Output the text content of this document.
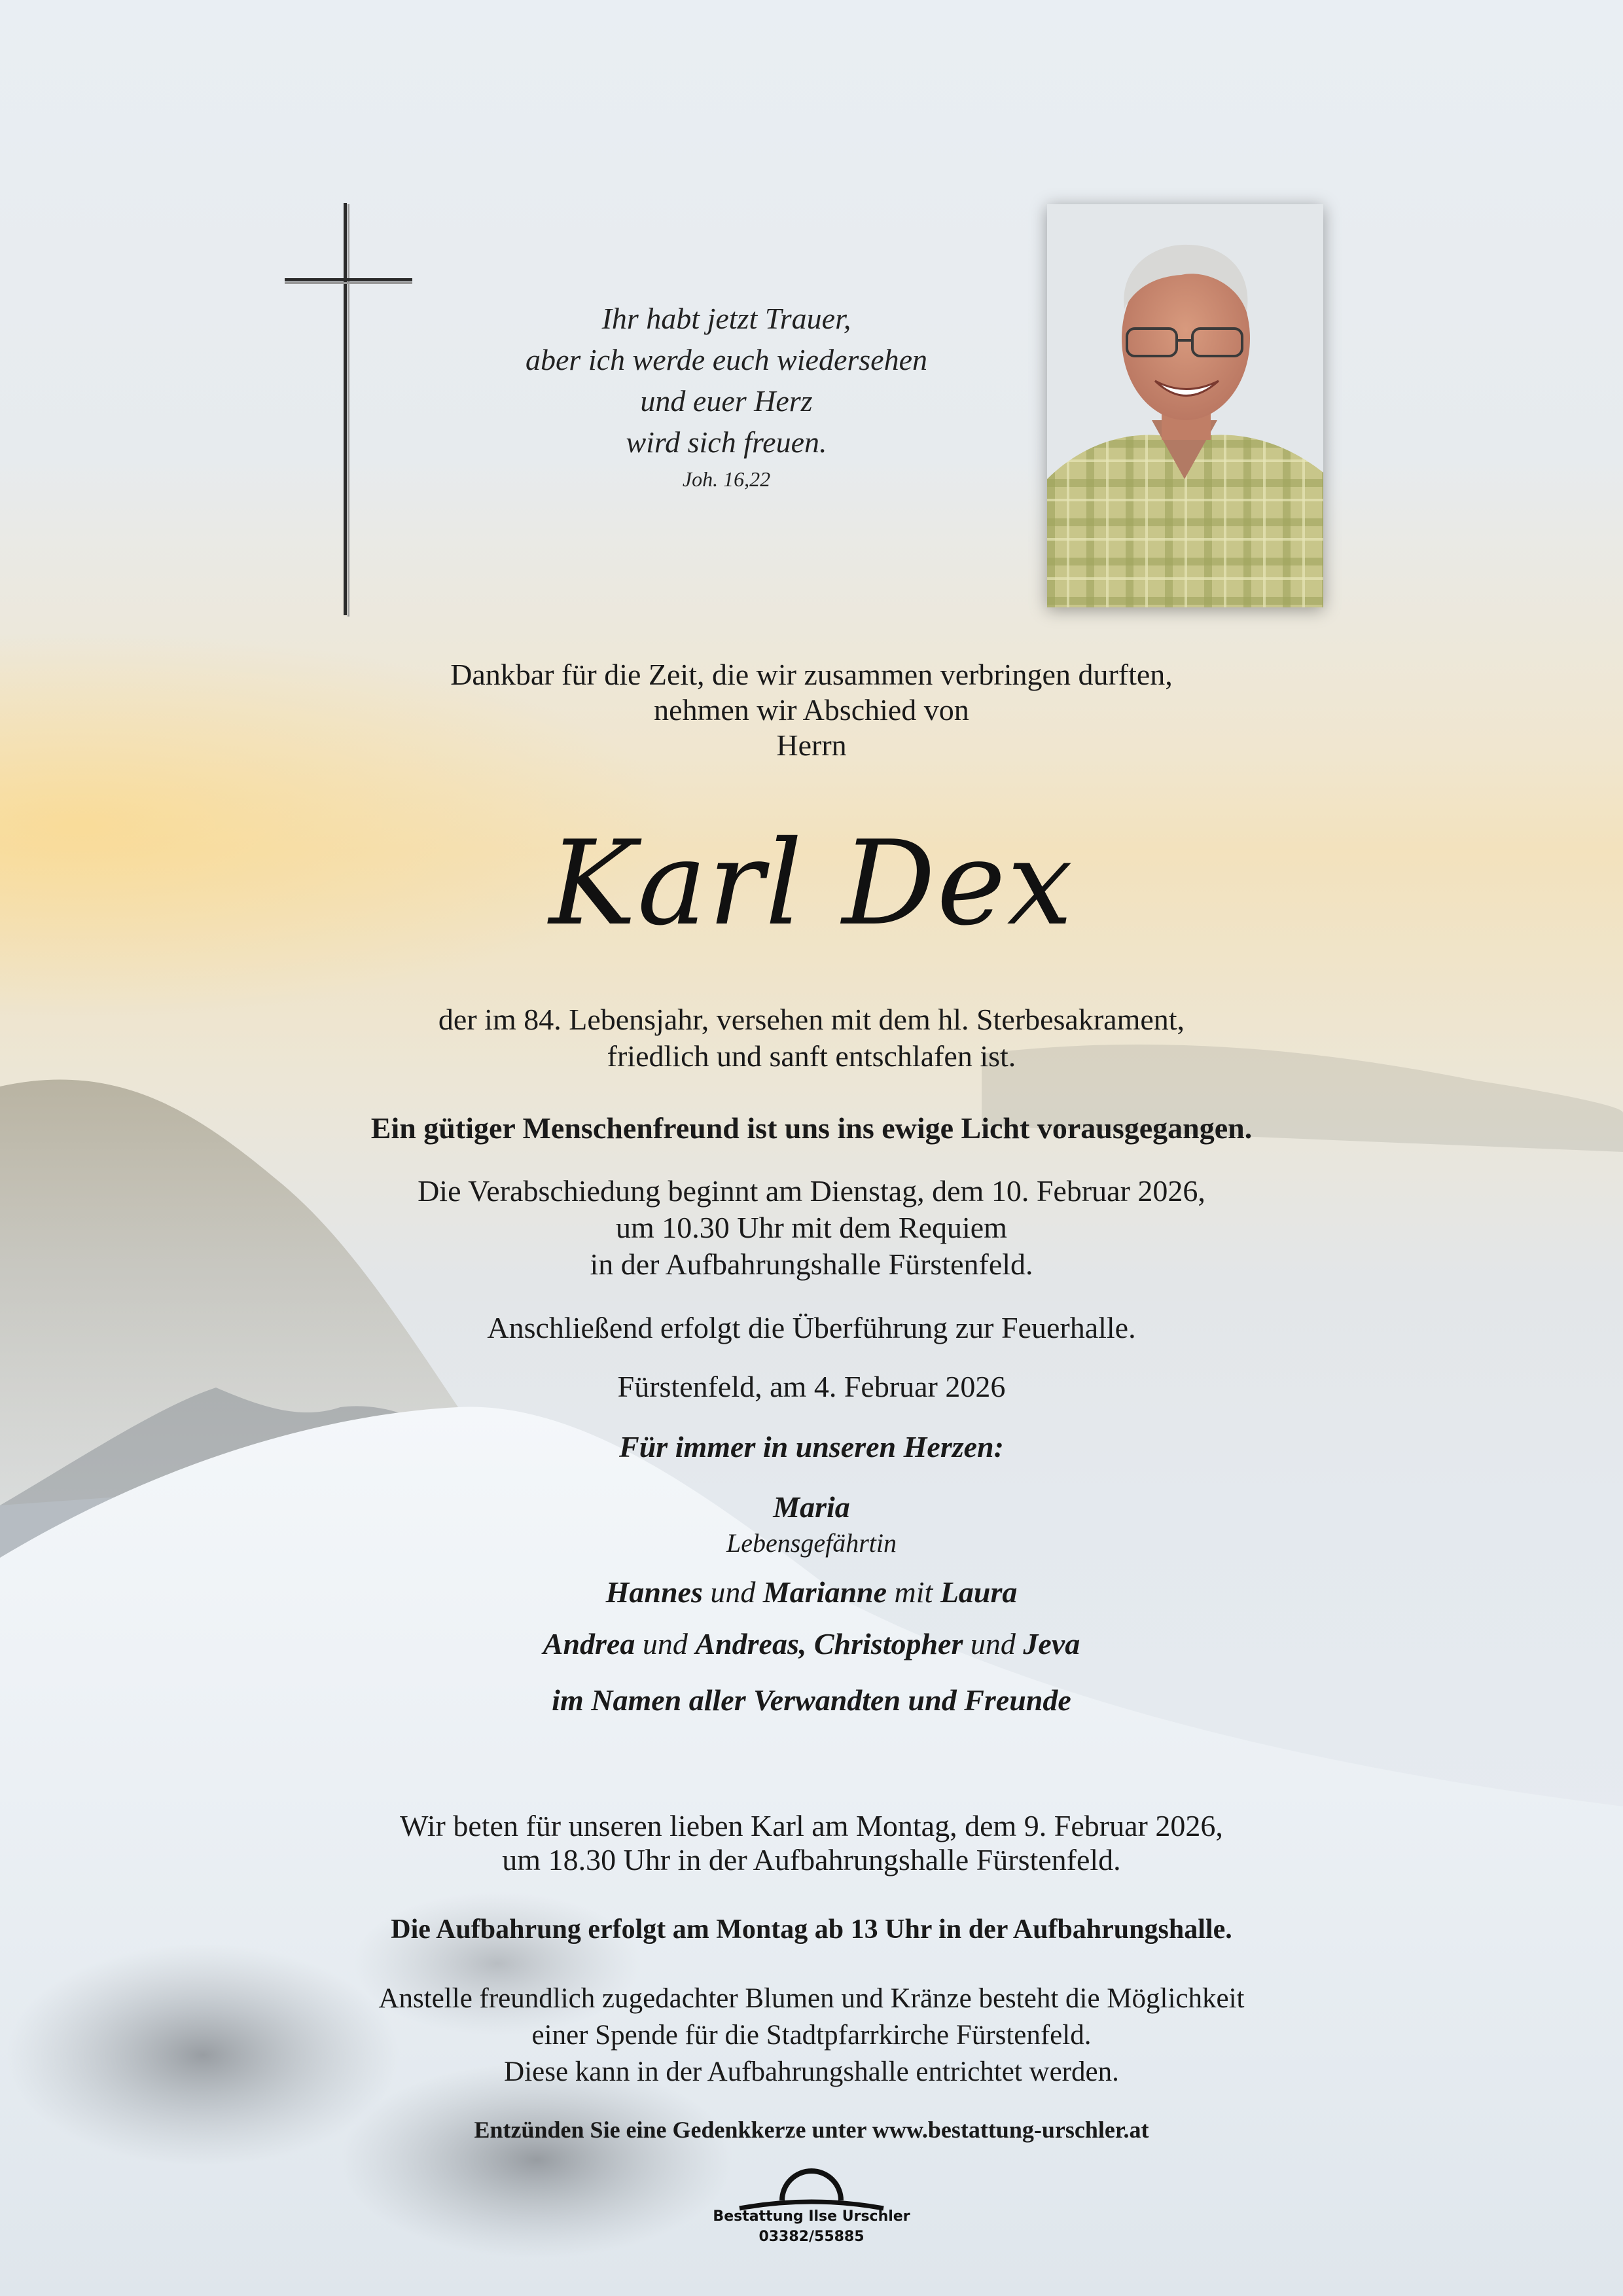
Ihr habt jetzt Trauer,
aber ich werde euch wiedersehen
und euer Herz
wird sich freuen.
Joh. 16,22
Dankbar für die Zeit, die wir zusammen verbringen durften,
nehmen wir Abschied von
Herrn
Karl Dex
der im 84. Lebensjahr, versehen mit dem hl. Sterbesakrament,
friedlich und sanft entschlafen ist.
Ein gütiger Menschenfreund ist uns ins ewige Licht vorausgegangen.
Die Verabschiedung beginnt am Dienstag, dem 10. Februar 2026,
um 10.30 Uhr mit dem Requiem
in der Aufbahrungshalle Fürstenfeld.
Anschließend erfolgt die Überführung zur Feuerhalle.
Fürstenfeld, am 4. Februar 2026
Für immer in unseren Herzen:
Maria
Lebensgefährtin
Hannes und Marianne mit Laura
Andrea und Andreas, Christopher und Jeva
im Namen aller Verwandten und Freunde
Wir beten für unseren lieben Karl am Montag, dem 9. Februar 2026,
um 18.30 Uhr in der Aufbahrungshalle Fürstenfeld.
Die Aufbahrung erfolgt am Montag ab 13 Uhr in der Aufbahrungshalle.
Anstelle freundlich zugedachter Blumen und Kränze besteht die Möglichkeit
einer Spende für die Stadtpfarrkirche Fürstenfeld.
Diese kann in der Aufbahrungshalle entrichtet werden.
Entzünden Sie eine Gedenkkerze unter www.bestattung-urschler.at
Bestattung Ilse Urschler
03382/55885
